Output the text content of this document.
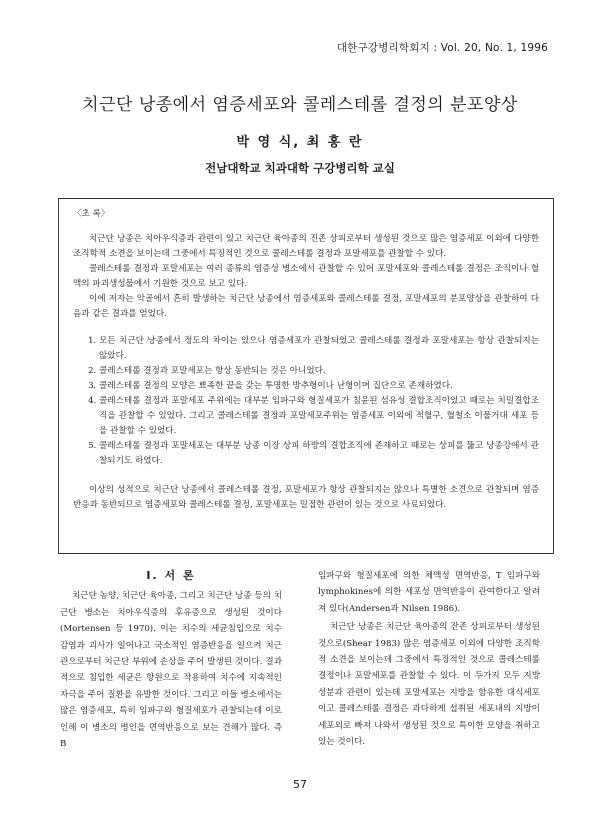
대한구강병리학회지 : Vol. 20, No. 1, 1996
치근단 낭종에서 염증세포와 콜레스테롤 결정의 분포양상
박 영 식, 최 홍 란
전남대학교 치과대학 구강병리학 교실
〈초 록〉

치근단 낭종은 치아우식증과 관련이 있고 치근단 육아종의 진존 상피로부터 생성된 것으로 많은 염증세포 이외에 다양한 조직학적 소견을 보이는데 그중에서 특징적인 것으로 콜레스테롤 결정과 포말세포를 관찰할 수 있다.

콜레스테롤 결정과 포말세포는 여러 종류의 염증성 병소에서 관찰할 수 있어 포말세포와 콜레스테롤 결정은 조직이나 혈액의 파괴생성물에서 기원한 것으로 보고 있다.

이에 저자는 악골에서 흔히 발생하는 치근단 낭종에서 염증세포와 콜레스테롤 결정, 포말세포의 분포양상을 관찰하여 다음과 같은 결과를 얻었다.

1. 모든 치근단 낭종에서 정도의 차이는 있으나 염증세포가 관찰되었고 콜레스테롤 결정과 포말세포는 항상 관찰되지는 않았다.
2. 콜레스테롤 결정과 포말세포는 항상 동반되는 것은 아니었다.
3. 콜레스테롤 결정의 모양은 뾰족한 끝을 갖는 투명한 방추형이나 난형이며 집단으로 존재하였다.
4. 콜레스테롤 결정과 포말세포 주위에는 대부분 임파구와 형질세포가 침윤된 섬유성 결합조직이었고 때로는 치밀결합조직을 관찰할 수 있었다. 그리고 콜레스테롤 결정과 포말세포주위는 염증세포 이외에 적혈구, 혈철소 이물거대 세포 등을 관찰할 수 있었다.
5. 콜레스테롤 결정과 포말세포는 대부분 낭종 이장 상피 하방의 결합조직에 존재하고 때로는 상피를 뚫고 낭종강에서 관찰되기도 하였다.

이상의 성적으로 치근단 낭종에서 콜레스테롤 결정, 포말세포가 항상 관찰되지는 않으나 특별한 소견으로 관찰되며 염증반응과 동반되므로 염증세포와 콜레스테롤 결정, 포말세포는 밀접한 관련이 있는 것으로 사료되었다.

I. 서 론

치근단 농양, 치근단 육아종, 그리고 치근단 낭종 등의 치근단 병소는 치아우식증의 후유증으로 생성된 것이다(Mortensen 등 1970). 이는 치수의 세균침입으로 치수 감염과 괴사가 일어나고 국소적인 염증반응을 일으켜 치근관으로부터 치근단 부위에 손상을 주어 발생된 것이다. 결과적으로 침입한 세균은 항원으로 작용하여 치수에 지속적인 자극을 주어 질환을 유발한 것이다. 그리고 이들 병소에서는 많은 염증세포, 특히 임파구와 형질세포가 관찰되는데 이로인해 이 병소의 병인을 면역반응으로 보는 견해가 많다. 즉 B

임파구와 형질세포에 의한 체액성 면역반응, T 임파구와 lymphokines에 의한 세포성 면역반응이 관여한다고 알려져 있다(Andersen과 Nilsen 1986).

치근단 낭종은 치근단 육아종의 잔존 상피로부터 생성된 것으로(Shear 1983) 많은 염증세포 이외에 다양한 조직학적 소견을 보이는데 그중에서 특징적인 것으로 콜레스테롤 결정이나 포말세포를 관찰할 수 있다. 이 두가지 모두 지방성분과 관련이 있는데 포말세포는 지방을 함유한 대식세포이고 콜레스테롤 결정은 과다하게 섭취된 세포내의 지방이 세포외로 빠져 나와서 생성된 것으로 특이한 모양을 취하고 있는 것이다.

57
